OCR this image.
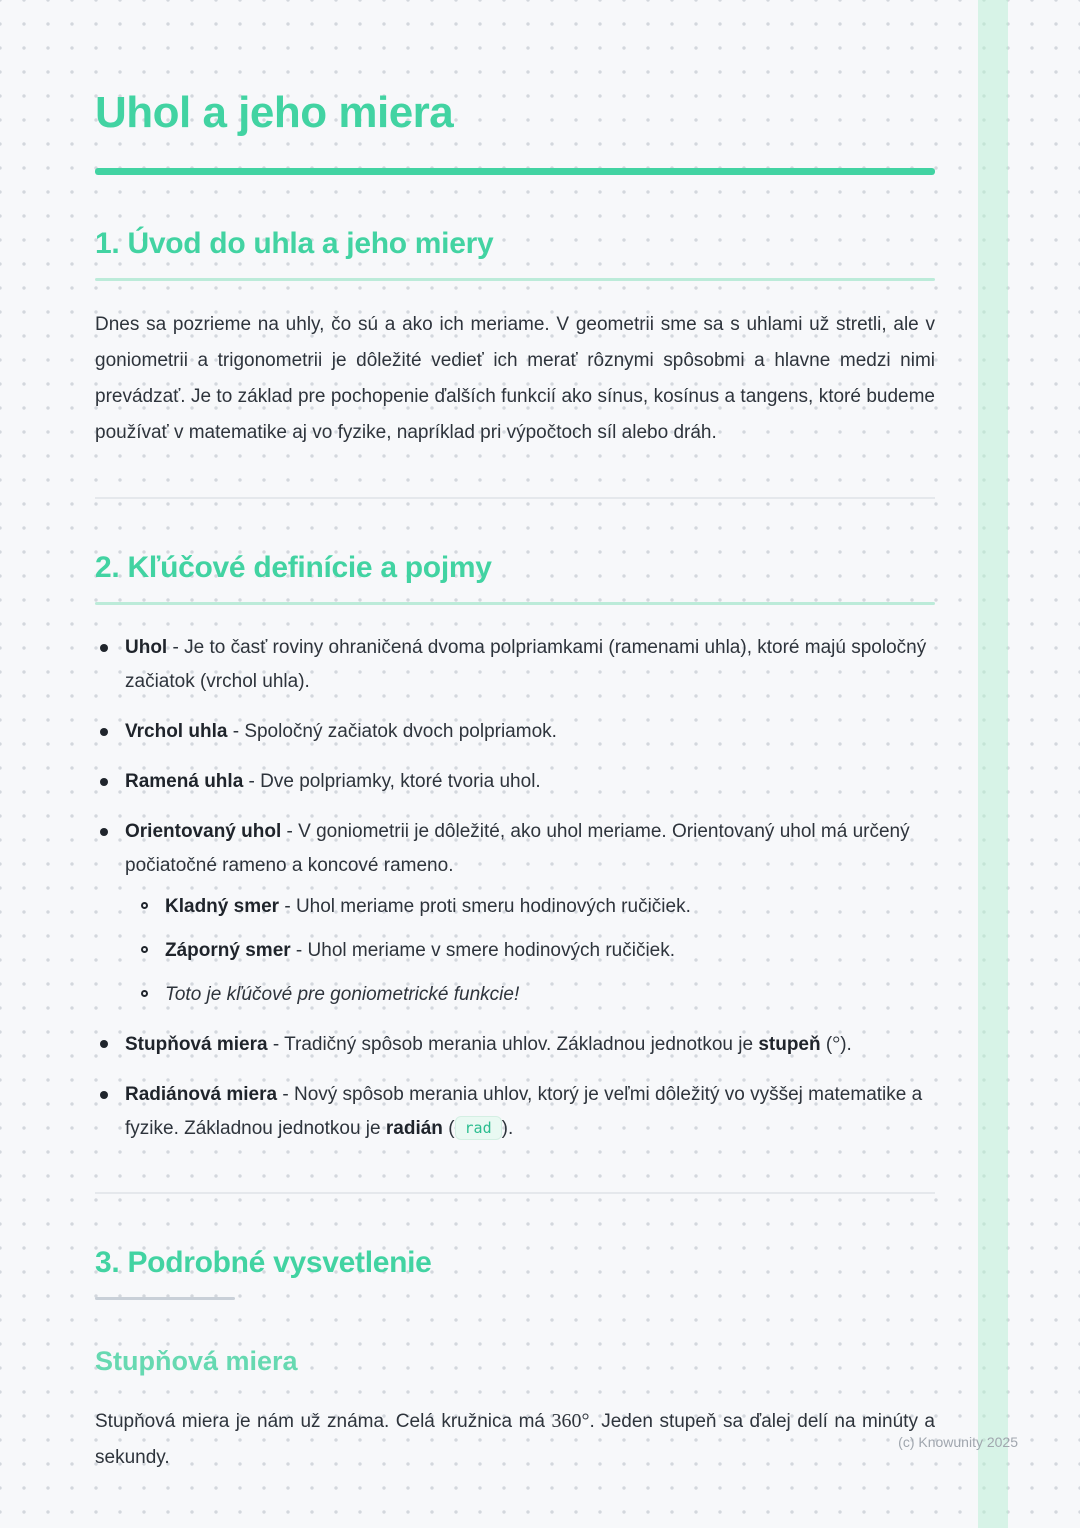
Uhol a jeho miera
1. Úvod do uhla a jeho miery

Dnes sa pozrieme na uhly, čo sú a ako ich meriame. V geometrii sme sa s uhlami už stretli, ale v goniometrii a trigonometrii je dôležité vedieť ich merať rôznymi spôsobmi a hlavne medzi nimi prevádzať. Je to základ pre pochopenie ďalších funkcií ako sínus, kosínus a tangens, ktoré budeme používať v matematike aj vo fyzike, napríklad pri výpočtoch síl alebo dráh.

2. Kľúčové definície a pojmy
Uhol - Je to časť roviny ohraničená dvoma polpriamkami (ramenami uhla), ktoré majú spoločný začiatok (vrchol uhla).
Vrchol uhla - Spoločný začiatok dvoch polpriamok.
Ramená uhla - Dve polpriamky, ktoré tvoria uhol.
Orientovaný uhol - V goniometrii je dôležité, ako uhol meriame. Orientovaný uhol má určený počiatočné rameno a koncové rameno.
Kladný smer - Uhol meriame proti smeru hodinových ručičiek.
Záporný smer - Uhol meriame v smere hodinových ručičiek.
Toto je kľúčové pre goniometrické funkcie!
Stupňová miera - Tradičný spôsob merania uhlov. Základnou jednotkou je stupeň (°).
Radiánová miera - Nový spôsob merania uhlov, ktorý je veľmi dôležitý vo vyššej matematike a fyzike. Základnou jednotkou je radián ( rad ).
3. Podrobné vysvetlenie
Stupňová miera

Stupňová miera je nám už známa. Celá kružnica má 360°. Jeden stupeň sa ďalej delí na minúty a sekundy.

(c) Knowunity 2025
